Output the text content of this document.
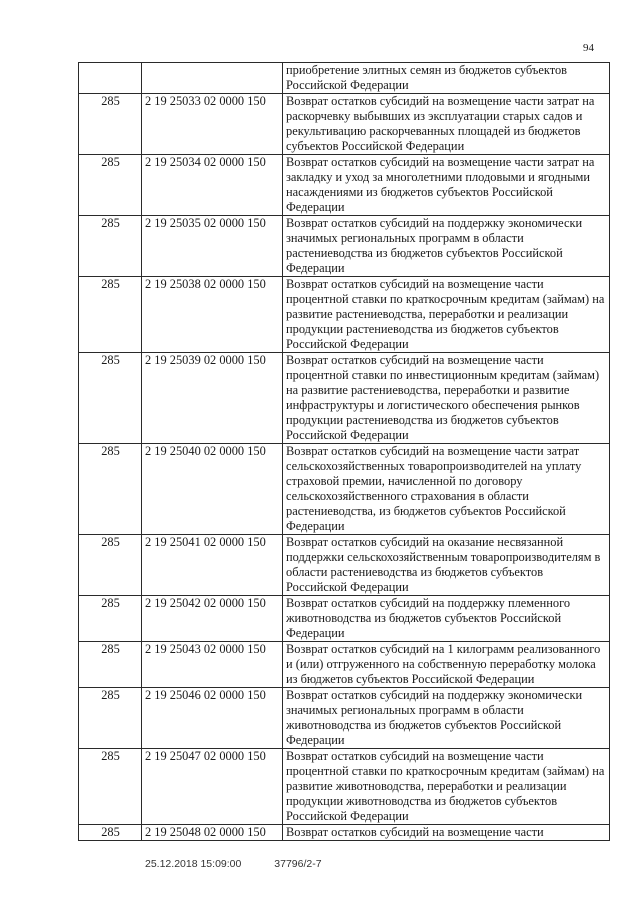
94
		приобретение элитных семян из бюджетов субъектов Российской Федерации
285	2 19 25033 02 0000 150	Возврат остатков субсидий на возмещение части затрат на раскорчевку выбывших из эксплуатации старых садов и рекультивацию раскорчеванных площадей из бюджетов субъектов Российской Федерации
285	2 19 25034 02 0000 150	Возврат остатков субсидий на возмещение части затрат на закладку и уход за многолетними плодовыми и ягодными насаждениями из бюджетов субъектов Российской Федерации
285	2 19 25035 02 0000 150	Возврат остатков субсидий на поддержку экономически значимых региональных программ в области растениеводства из бюджетов субъектов Российской Федерации
285	2 19 25038 02 0000 150	Возврат остатков субсидий на возмещение части процентной ставки по краткосрочным кредитам (займам) на развитие растениеводства, переработки и реализации продукции растениеводства из бюджетов субъектов Российской Федерации
285	2 19 25039 02 0000 150	Возврат остатков субсидий на возмещение части процентной ставки по инвестиционным кредитам (займам) на развитие растениеводства, переработки и развитие инфраструктуры и логистического обеспечения рынков продукции растениеводства из бюджетов субъектов Российской Федерации
285	2 19 25040 02 0000 150	Возврат остатков субсидий на возмещение части затрат сельскохозяйственных товаропроизводителей на уплату страховой премии, начисленной по договору сельскохозяйственного страхования в области растениеводства, из бюджетов субъектов Российской Федерации
285	2 19 25041 02 0000 150	Возврат остатков субсидий на оказание несвязанной поддержки сельскохозяйственным товаропроизводителям в области растениеводства из бюджетов субъектов Российской Федерации
285	2 19 25042 02 0000 150	Возврат остатков субсидий на поддержку племенного животноводства из бюджетов субъектов Российской Федерации
285	2 19 25043 02 0000 150	Возврат остатков субсидий на 1 килограмм реализованного и (или) отгруженного на собственную переработку молока из бюджетов субъектов Российской Федерации
285	2 19 25046 02 0000 150	Возврат остатков субсидий на поддержку экономически значимых региональных программ в области животноводства из бюджетов субъектов Российской Федерации
285	2 19 25047 02 0000 150	Возврат остатков субсидий на возмещение части процентной ставки по краткосрочным кредитам (займам) на развитие животноводства, переработки и реализации продукции животноводства из бюджетов субъектов Российской Федерации
285	2 19 25048 02 0000 150	Возврат остатков субсидий на возмещение части
25.12.2018 15:09:00	37796/2-7
